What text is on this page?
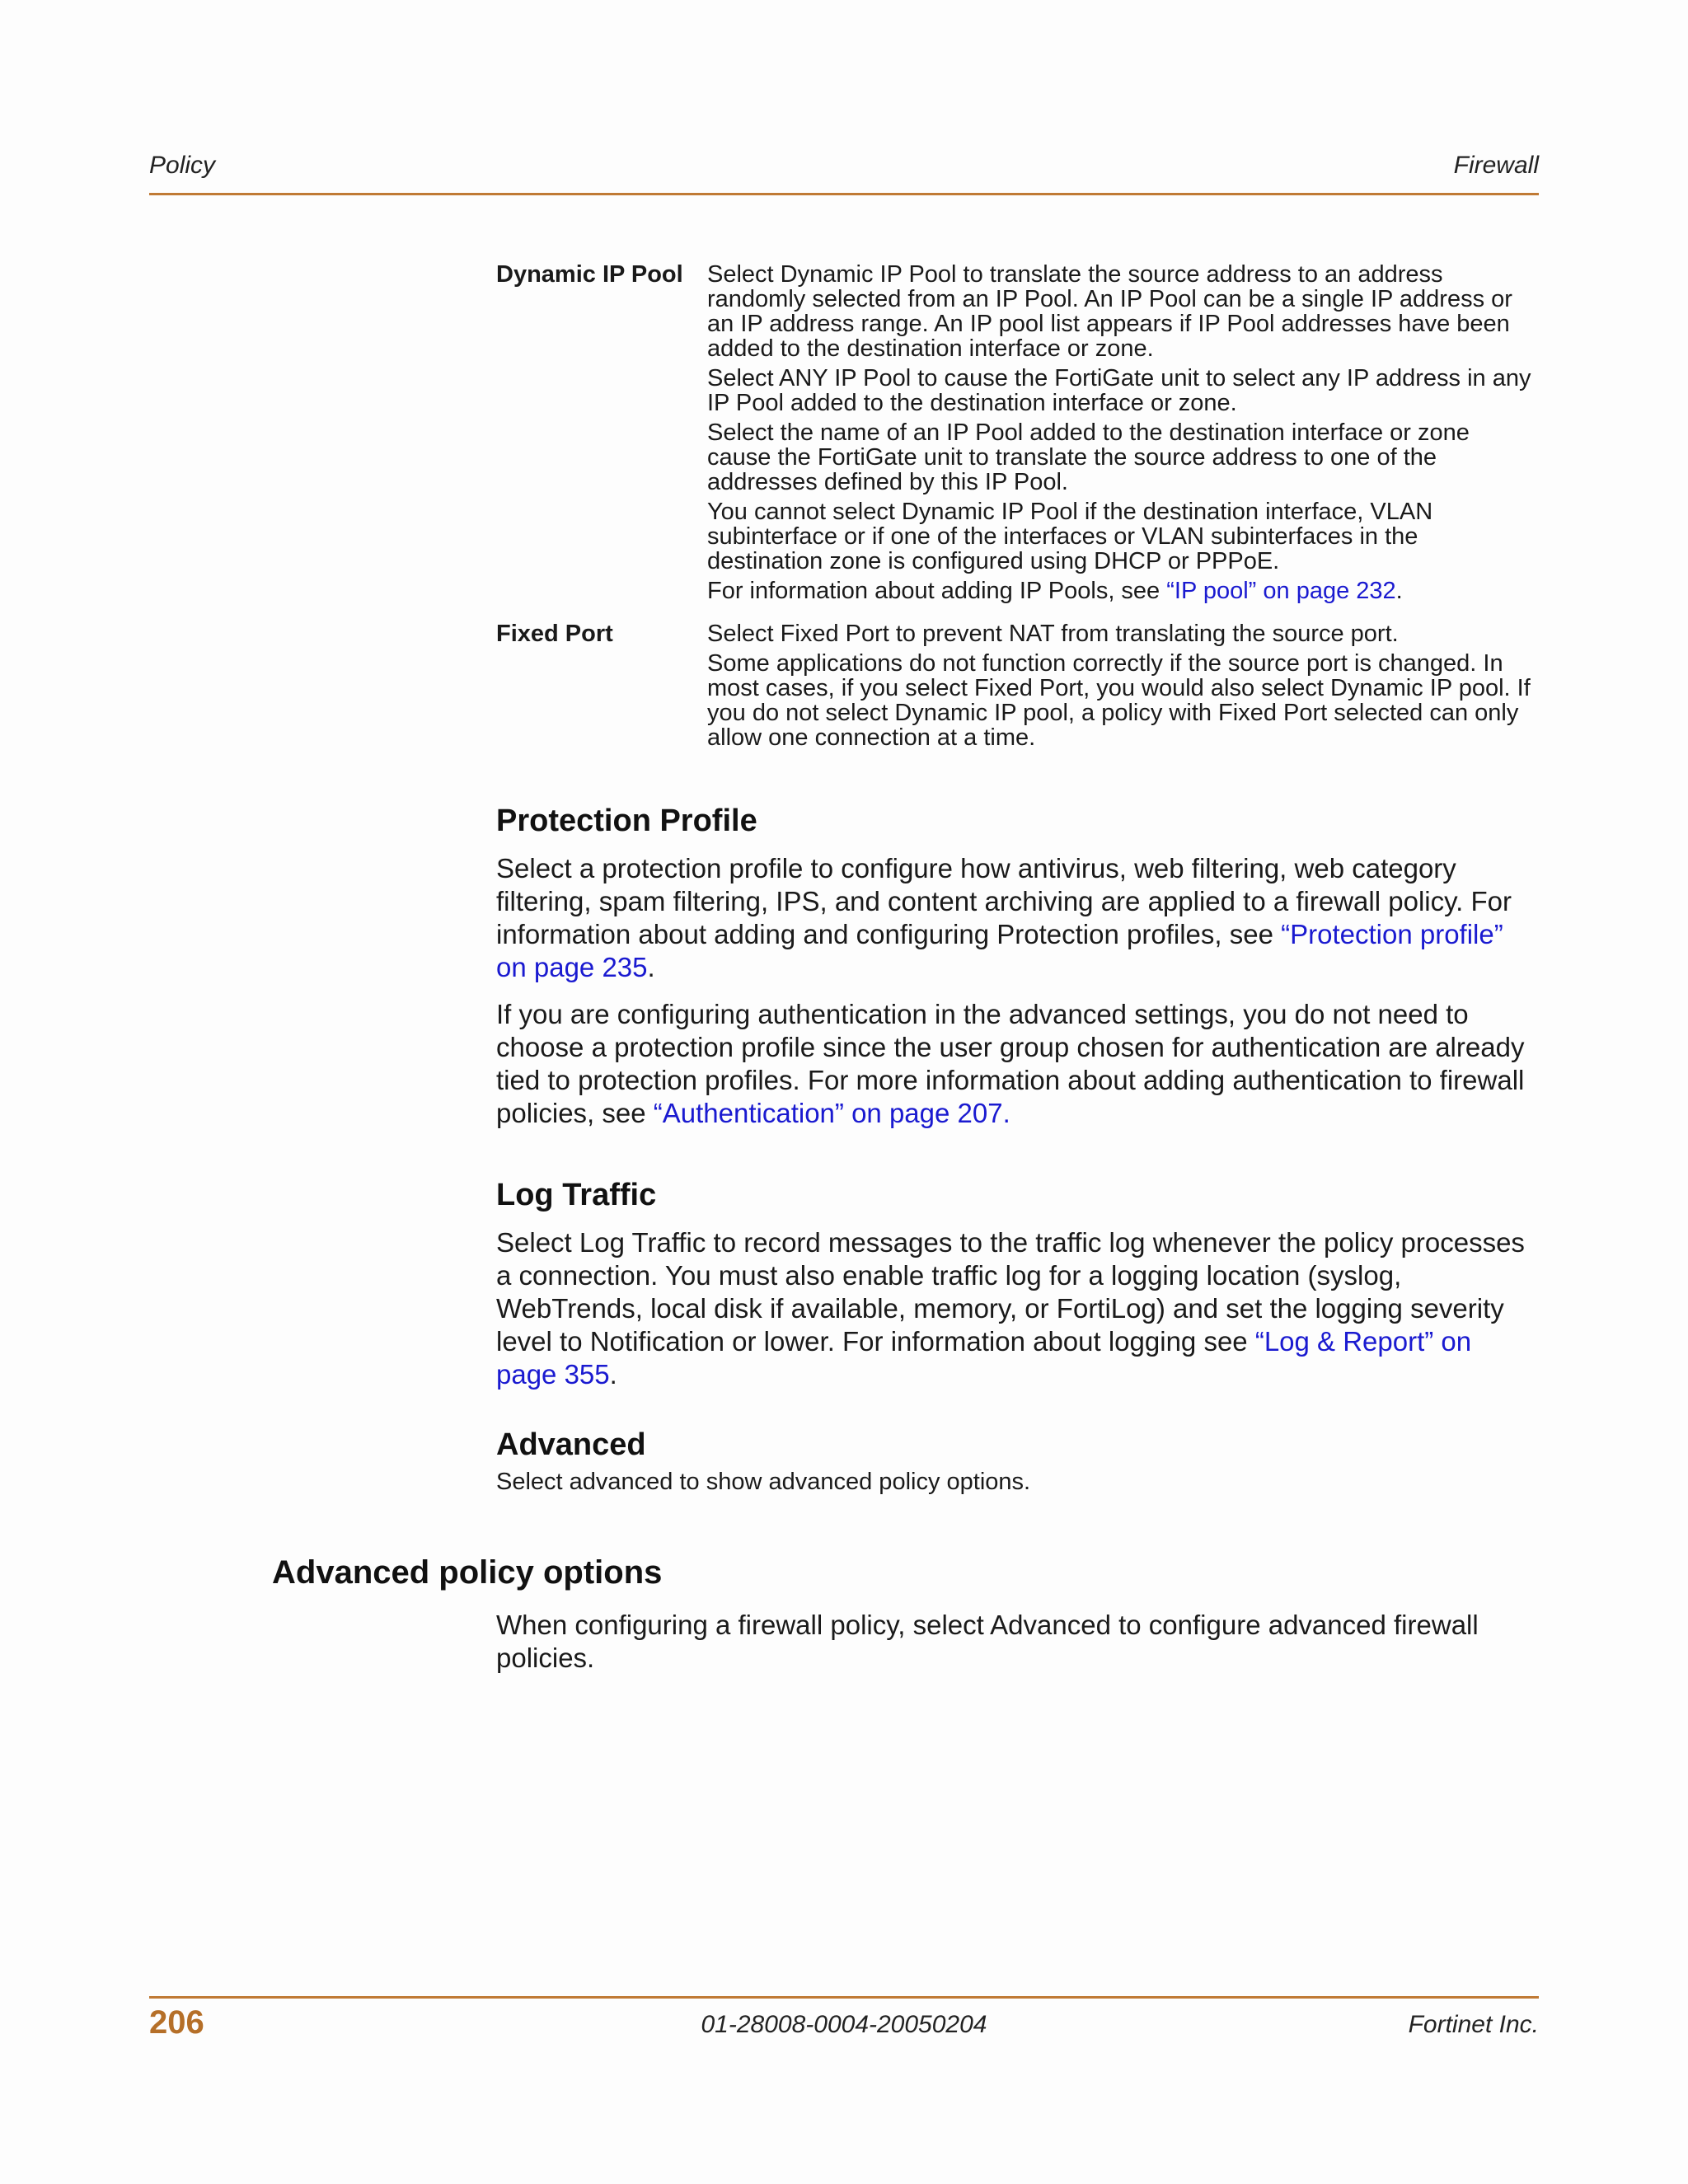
Policy	Firewall
Dynamic IP Pool	Select Dynamic IP Pool to translate the source address to an address randomly selected from an IP Pool. An IP Pool can be a single IP address or an IP address range. An IP pool list appears if IP Pool addresses have been added to the destination interface or zone.

Select ANY IP Pool to cause the FortiGate unit to select any IP address in any IP Pool added to the destination interface or zone.

Select the name of an IP Pool added to the destination interface or zone cause the FortiGate unit to translate the source address to one of the addresses defined by this IP Pool.

You cannot select Dynamic IP Pool if the destination interface, VLAN subinterface or if one of the interfaces or VLAN subinterfaces in the destination zone is configured using DHCP or PPPoE.

For information about adding IP Pools, see “IP pool” on page 232.

Fixed Port	Select Fixed Port to prevent NAT from translating the source port.

Some applications do not function correctly if the source port is changed. In most cases, if you select Fixed Port, you would also select Dynamic IP pool. If you do not select Dynamic IP pool, a policy with Fixed Port selected can only allow one connection at a time.

Protection Profile

Select a protection profile to configure how antivirus, web filtering, web category filtering, spam filtering, IPS, and content archiving are applied to a firewall policy. For information about adding and configuring Protection profiles, see “Protection profile” on page 235.

If you are configuring authentication in the advanced settings, you do not need to choose a protection profile since the user group chosen for authentication are already tied to protection profiles. For more information about adding authentication to firewall policies, see “Authentication” on page 207.

Log Traffic

Select Log Traffic to record messages to the traffic log whenever the policy processes a connection. You must also enable traffic log for a logging location (syslog, WebTrends, local disk if available, memory, or FortiLog) and set the logging severity level to Notification or lower. For information about logging see “Log & Report” on page 355.

Advanced

Select advanced to show advanced policy options.

Advanced policy options

When configuring a firewall policy, select Advanced to configure advanced firewall policies.

206	01-28008-0004-20050204	Fortinet Inc.
